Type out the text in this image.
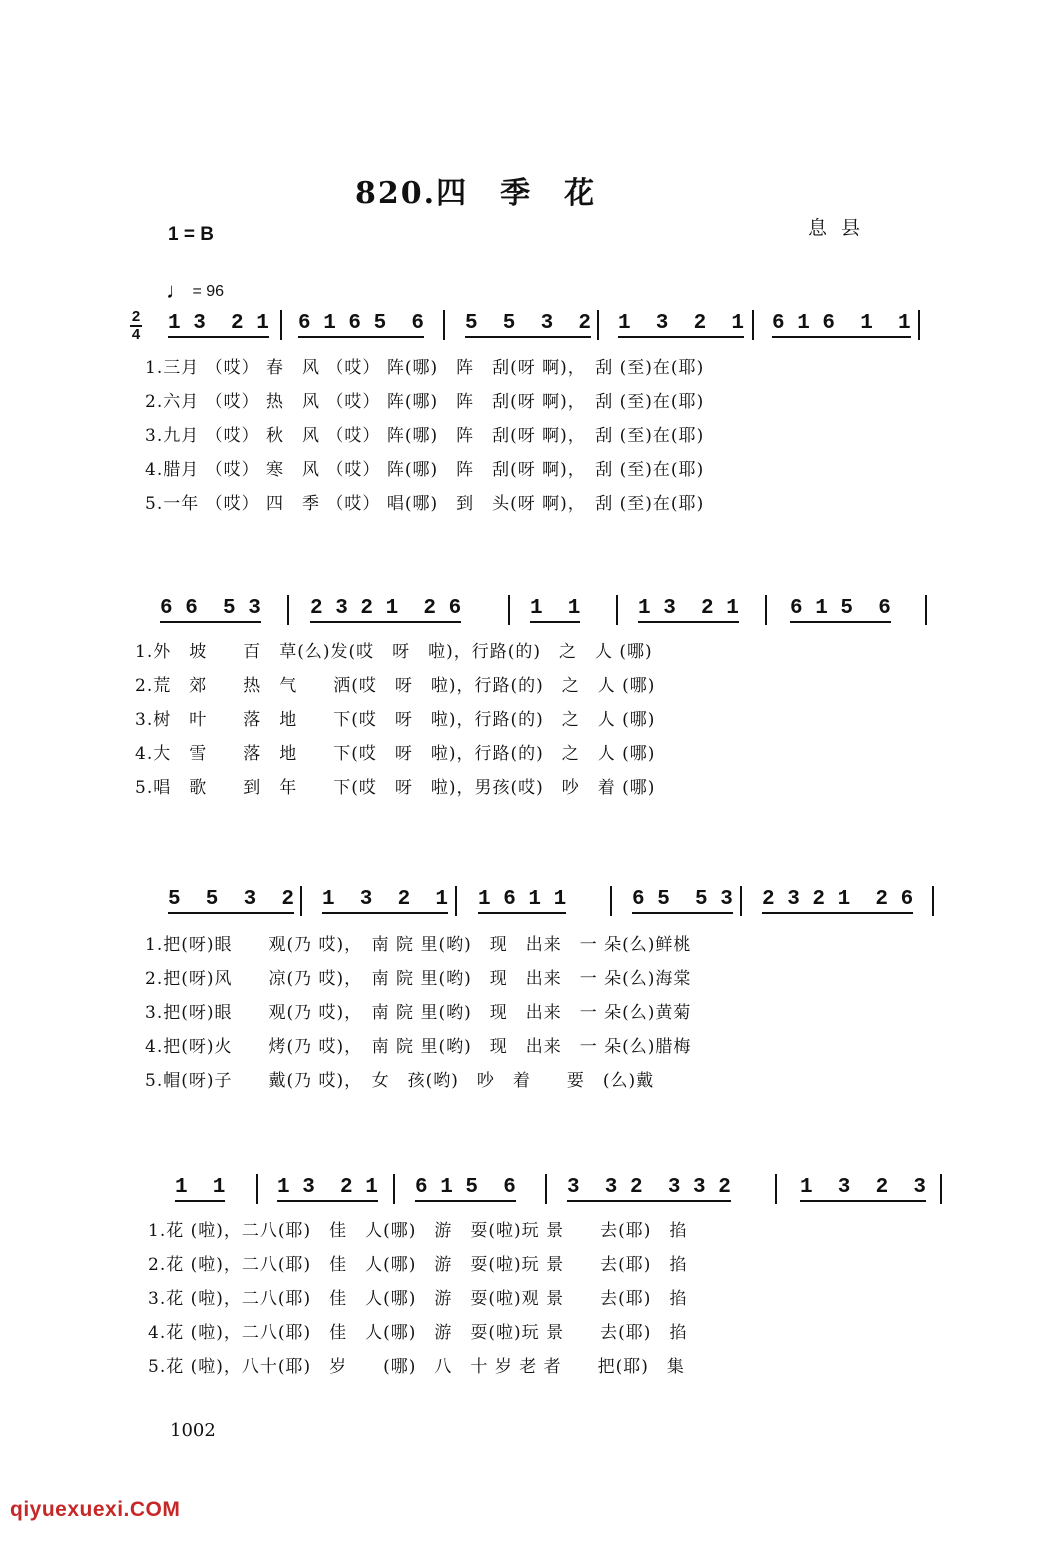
820.四　季　花
1 = B	息县
♩ = 96
2
4 1 3  2 1 6 1 6 5  6 5  5  3  2 1  3  2  1 6 1 6  1  1
1.三月 （哎） 春　风 （哎） 阵(哪)　阵　刮(呀 啊)，　刮 (至)在(耶)
2.六月 （哎） 热　风 （哎） 阵(哪)　阵　刮(呀 啊)，　刮 (至)在(耶)
3.九月 （哎） 秋　风 （哎） 阵(哪)　阵　刮(呀 啊)，　刮 (至)在(耶)
4.腊月 （哎） 寒　风 （哎） 阵(哪)　阵　刮(呀 啊)，　刮 (至)在(耶)
5.一年 （哎） 四　季 （哎） 唱(哪)　到　头(呀 啊)，　刮 (至)在(耶)
6 6  5 3 2 3 2 1  2 6	1  1	1 3  2 1 6 1 5  6
1.外　坡　　百　草(么)发(哎　呀　啦)，行路(的)　之　人 (哪)
2.荒　郊　　热　气　　洒(哎　呀　啦)，行路(的)　之　人 (哪)
3.树　叶　　落　地　　下(哎　呀　啦)，行路(的)　之　人 (哪)
4.大　雪　　落　地　　下(哎　呀　啦)，行路(的)　之　人 (哪)
5.唱　歌　　到　年　　下(哎　呀　啦)，男孩(哎)　吵　着 (哪)
5  5  3  2 1  3  2  1 1 6 1 1	6 5  5 3 2 3 2 1  2 6
1.把(呀)眼　　观(乃 哎)，　南 院 里(哟)　现　出来　一 朵(么)鲜桃
2.把(呀)风　　凉(乃 哎)，　南 院 里(哟)　现　出来　一 朵(么)海棠
3.把(呀)眼　　观(乃 哎)，　南 院 里(哟)　现　出来　一 朵(么)黄菊
4.把(呀)火　　烤(乃 哎)，　南 院 里(哟)　现　出来　一 朵(么)腊梅
5.帽(呀)子　　戴(乃 哎)，　女　孩(哟)　吵　着　　要　(么)戴
1  1 1 3  2 1 6 1 5  6 3  3 2  3 3 2	1  3  2  3
1.花 (啦)，二八(耶)　佳　人(哪)　游　耍(啦)玩 景　　去(耶)　掐
2.花 (啦)，二八(耶)　佳　人(哪)　游　耍(啦)玩 景　　去(耶)　掐
3.花 (啦)，二八(耶)　佳　人(哪)　游　耍(啦)观 景　　去(耶)　掐
4.花 (啦)，二八(耶)　佳　人(哪)　游　耍(啦)玩 景　　去(耶)　掐
5.花 (啦)，八十(耶)　岁　　(哪)　八　十 岁 老 者　　把(耶)　集
1002
qiyuexuexi.COM
